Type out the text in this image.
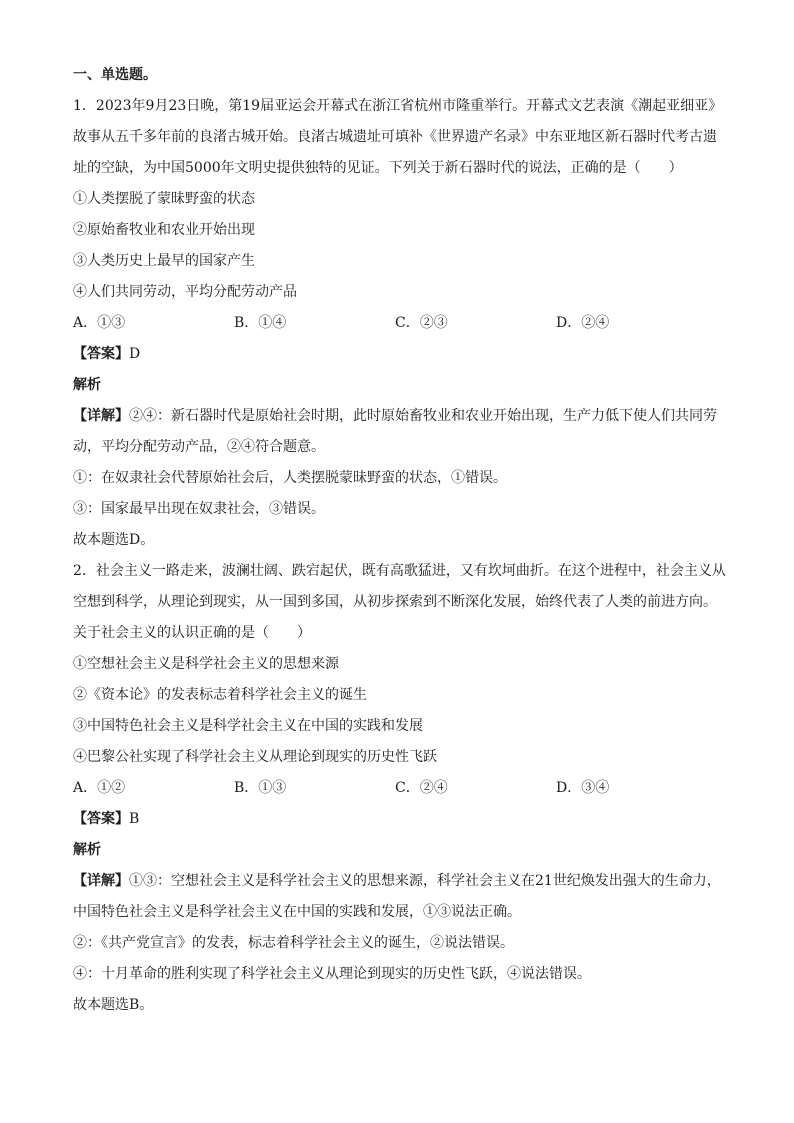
一、单选题。
1．2023年9月23日晚，第19届亚运会开幕式在浙江省杭州市隆重举行。开幕式文艺表演《潮起亚细亚》
故事从五千多年前的良渚古城开始。良渚古城遗址可填补《世界遗产名录》中东亚地区新石器时代考古遗
址的空缺，为中国5000年文明史提供独特的见证。下列关于新石器时代的说法，正确的是（　　）
①人类摆脱了蒙昧野蛮的状态
②原始畜牧业和农业开始出现
③人类历史上最早的国家产生
④人们共同劳动，平均分配劳动产品
A．①③	B．①④	C．②③	D．②④
【答案】D
解析
【详解】②④：新石器时代是原始社会时期，此时原始畜牧业和农业开始出现，生产力低下使人们共同劳
动，平均分配劳动产品，②④符合题意。
①：在奴隶社会代替原始社会后，人类摆脱蒙昧野蛮的状态，①错误。
③：国家最早出现在奴隶社会，③错误。
故本题选D。
2．社会主义一路走来，波澜壮阔、跌宕起伏，既有高歌猛进，又有坎坷曲折。在这个进程中，社会主义从
空想到科学，从理论到现实，从一国到多国，从初步探索到不断深化发展，始终代表了人类的前进方向。
关于社会主义的认识正确的是（　　）
①空想社会主义是科学社会主义的思想来源
②《资本论》的发表标志着科学社会主义的诞生
③中国特色社会主义是科学社会主义在中国的实践和发展
④巴黎公社实现了科学社会主义从理论到现实的历史性飞跃
A．①②	B．①③	C．②④	D．③④
【答案】B
解析
【详解】①③：空想社会主义是科学社会主义的思想来源，科学社会主义在21世纪焕发出强大的生命力，
中国特色社会主义是科学社会主义在中国的实践和发展，①③说法正确。
②：《共产党宣言》的发表，标志着科学社会主义的诞生，②说法错误。
④：十月革命的胜利实现了科学社会主义从理论到现实的历史性飞跃，④说法错误。
故本题选B。
